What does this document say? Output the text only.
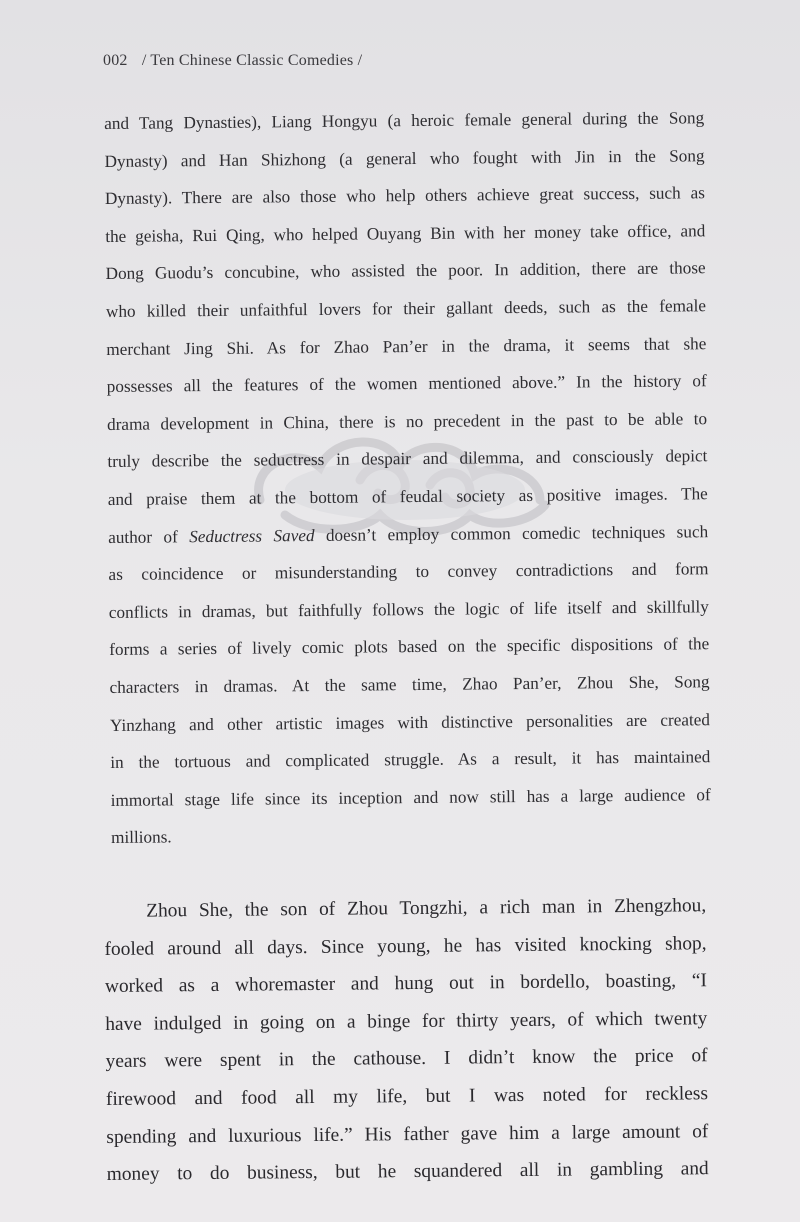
002 / Ten Chinese Classic Comedies /
and Tang Dynasties), Liang Hongyu (a heroic female general during the Song
Dynasty) and Han Shizhong (a general who fought with Jin in the Song
Dynasty). There are also those who help others achieve great success, such as
the geisha, Rui Qing, who helped Ouyang Bin with her money take office, and
Dong Guodu’s concubine, who assisted the poor. In addition, there are those
who killed their unfaithful lovers for their gallant deeds, such as the female
merchant Jing Shi. As for Zhao Pan’er in the drama, it seems that she
possesses all the features of the women mentioned above.” In the history of
drama development in China, there is no precedent in the past to be able to
truly describe the seductress in despair and dilemma, and consciously depict
and praise them at the bottom of feudal society as positive images. The
author of Seductress Saved doesn’t employ common comedic techniques such
as coincidence or misunderstanding to convey contradictions and form
conflicts in dramas, but faithfully follows the logic of life itself and skillfully
forms a series of lively comic plots based on the specific dispositions of the
characters in dramas. At the same time, Zhao Pan’er, Zhou She, Song
Yinzhang and other artistic images with distinctive personalities are created
in the tortuous and complicated struggle. As a result, it has maintained
immortal stage life since its inception and now still has a large audience of
millions.
Zhou She, the son of Zhou Tongzhi, a rich man in Zhengzhou,
fooled around all days. Since young, he has visited knocking shop,
worked as a whoremaster and hung out in bordello, boasting, “I
have indulged in going on a binge for thirty years, of which twenty
years were spent in the cathouse. I didn’t know the price of
firewood and food all my life, but I was noted for reckless
spending and luxurious life.” His father gave him a large amount of
money to do business, but he squandered all in gambling and
